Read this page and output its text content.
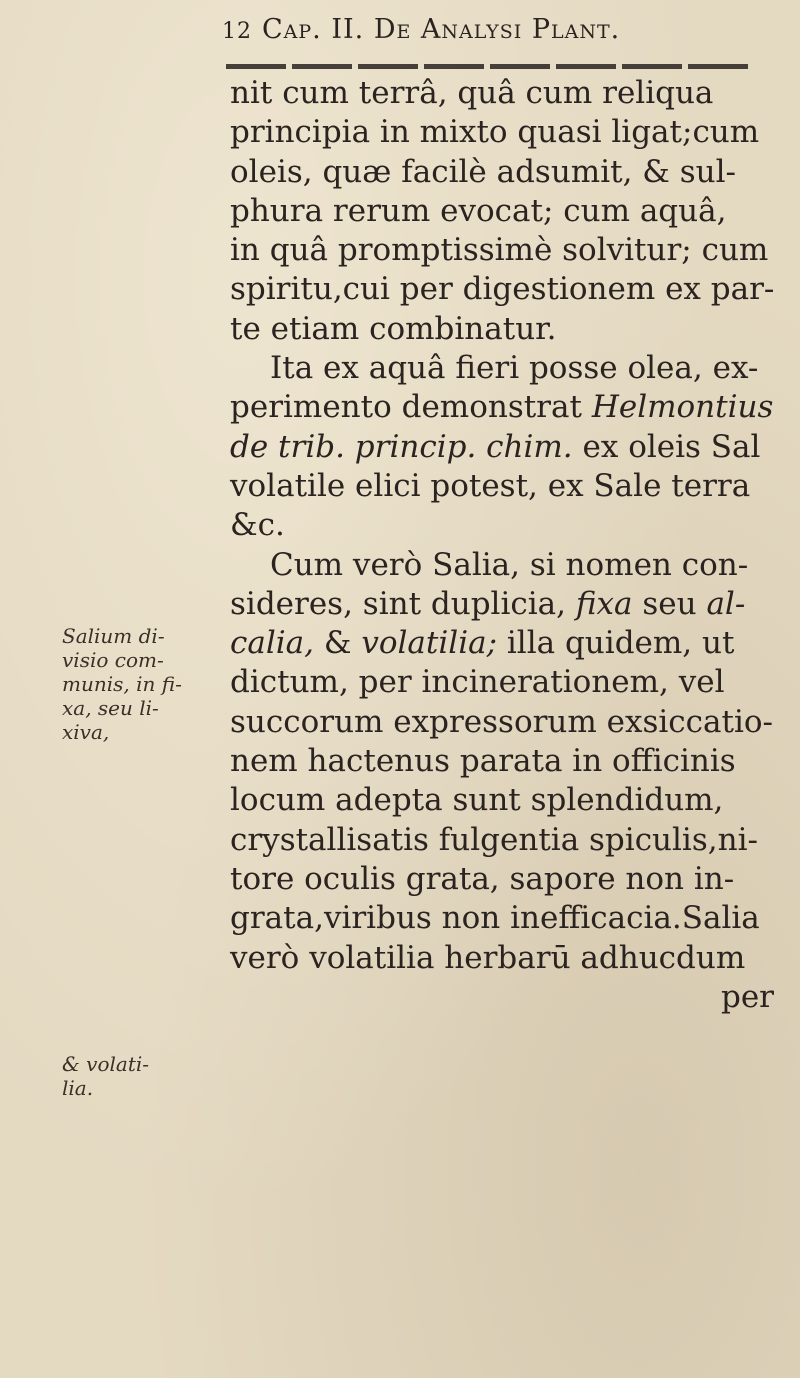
12 Cap. II. De Analysi Plant.
Salium di-
visio com-
munis, in fi-
xa, seu li-
xiva,
& volati-
lia.
nit cum terrâ, quâ cum reliqua
principia in mixto quasi ligat;cum
oleis, quæ facilè adsumit, & sul-
phura rerum evocat; cum aquâ,
in quâ promptissimè solvitur; cum
spiritu,cui per digestionem ex par-
te etiam combinatur.
Ita ex aquâ fieri posse olea, ex-
perimento demonstrat Helmontius
de trib. princip. chim. ex oleis Sal
volatile elici potest, ex Sale terra
&c.
Cum verò Salia, si nomen con-
sideres, sint duplicia, fixa seu al-
calia, & volatilia; illa quidem, ut
dictum, per incinerationem, vel
succorum expressorum exsiccatio-
nem hactenus parata in officinis
locum adepta sunt splendidum,
crystallisatis fulgentia spiculis,ni-
tore oculis grata, sapore non in-
grata,viribus non inefficacia.Salia
verò volatilia herbarū adhucdum
per
